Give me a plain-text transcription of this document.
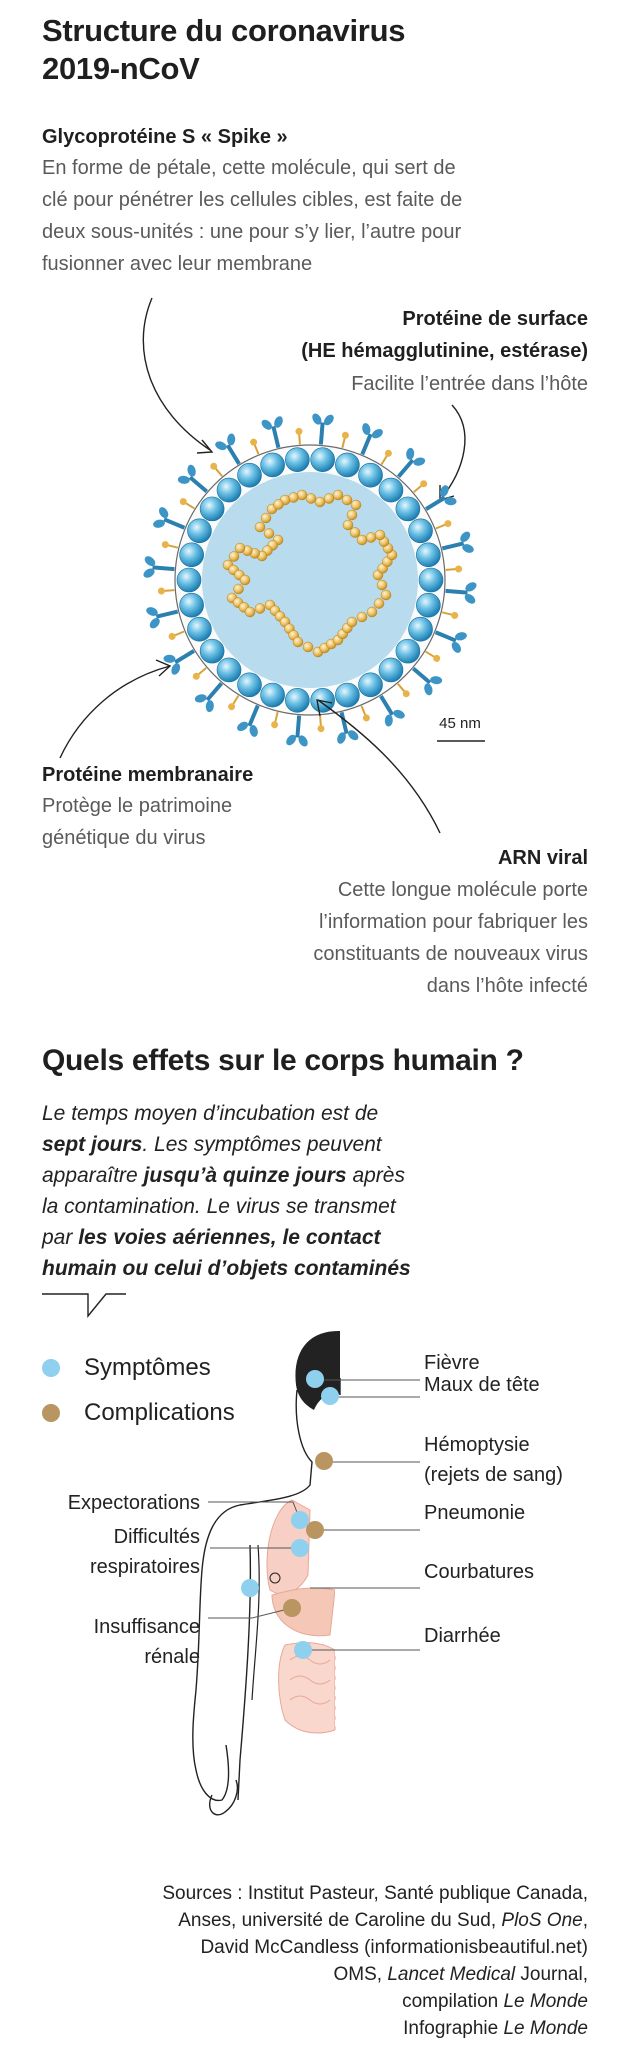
Structure du coronavirus
2019-nCoV
Glycoprotéine S « Spike »
En forme de pétale, cette molécule, qui sert de
clé pour pénétrer les cellules cibles, est faite de
deux sous-unités : une pour s’y lier, l’autre pour
fusionner avec leur membrane
Protéine de surface
(HE hémagglutinine, estérase)
Facilite l’entrée dans l’hôte
45 nm
Protéine membranaire
Protège le patrimoine
génétique du virus
ARN viral
Cette longue molécule porte
l’information pour fabriquer les
constituants de nouveaux virus
dans l’hôte infecté
Quels effets sur le corps humain ?
Le temps moyen d’incubation est de
sept jours. Les symptômes peuvent
apparaître jusqu’à quinze jours après
la contamination. Le virus se transmet
par les voies aériennes, le contact
humain ou celui d’objets contaminés
Symptômes
Complications
Fièvre
Maux de tête
Hémoptysie
(rejets de sang)
Pneumonie
Courbatures
Diarrhée
Expectorations
Difficultés
respiratoires
Insuffisance
rénale
Sources : Institut Pasteur, Santé publique Canada,
Anses, université de Caroline du Sud, PloS One,
David McCandless (informationisbeautiful.net)
OMS, Lancet Medical Journal,
compilation Le Monde
Infographie Le Monde
